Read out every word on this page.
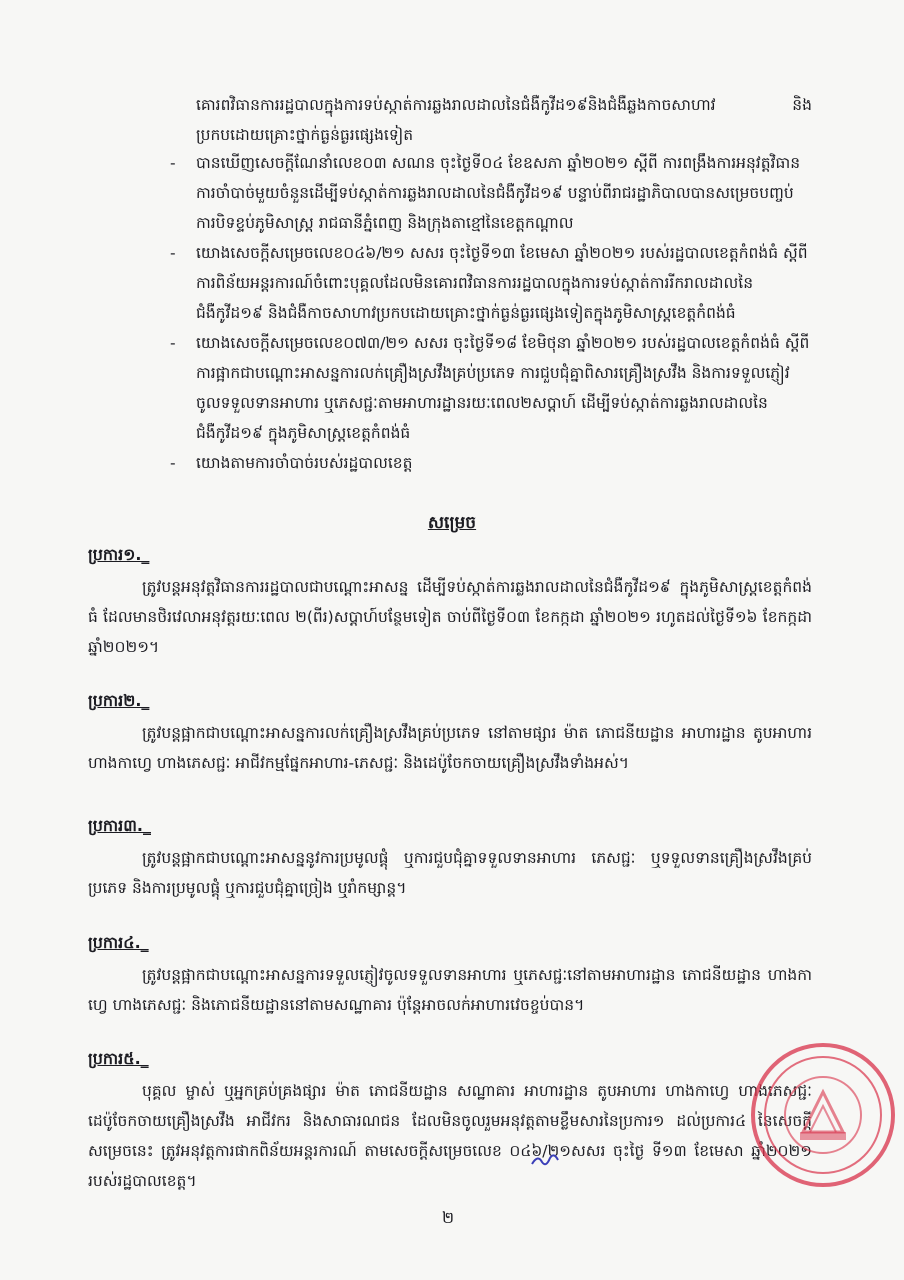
គោរពវិធានការរដ្ឋបាលក្នុងការទប់ស្កាត់ការឆ្លងរាលដាលនៃជំងឺកូវីដ១៩និងជំងឺឆ្លងកាចសាហាវ និង ប្រកបដោយគ្រោះថ្នាក់ធ្ងន់ធ្ងរផ្សេងទៀត
- បានឃើញសេចក្តីណែនាំលេខ០៣ សណន ចុះថ្ងៃទី០៤ ខែឧសភា ឆ្នាំ២០២១ ស្តីពី ការពង្រឹងការអនុវត្តវិធានការចាំបាច់មួយចំនួនដើម្បីទប់ស្កាត់ការឆ្លងរាលដាលនៃជំងឺកូវីដ១៩ បន្ទាប់ពីរាជរដ្ឋាភិបាលបានសម្រេចបញ្ចប់ការបិទខ្ទប់ភូមិសាស្ត្រ រាជធានីភ្នំពេញ និងក្រុងតាខ្មៅនៃខេត្តកណ្តាល
- យោងសេចក្តីសម្រេចលេខ០៤៦/២១ សសរ ចុះថ្ងៃទី១៣ ខែមេសា ឆ្នាំ២០២១ របស់រដ្ឋបាលខេត្តកំពង់ធំ ស្តីពីការពិន័យអន្តរការណ៍ចំពោះបុគ្គលដែលមិនគោរពវិធានការរដ្ឋបាលក្នុងការទប់ស្កាត់ការរីករាលដាលនៃជំងឺកូវីដ១៩ និងជំងឺកាចសាហាវប្រកបដោយគ្រោះថ្នាក់ធ្ងន់ធ្ងរផ្សេងទៀតក្នុងភូមិសាស្ត្រខេត្តកំពង់ធំ
- យោងសេចក្តីសម្រេចលេខ០៧៣/២១ សសរ ចុះថ្ងៃទី១៨ ខែមិថុនា ឆ្នាំ២០២១ របស់រដ្ឋបាលខេត្តកំពង់ធំ ស្តីពីការផ្អាកជាបណ្តោះអាសន្នការលក់គ្រឿងស្រវឹងគ្រប់ប្រភេទ ការជួបជុំគ្នាពិសារគ្រឿងស្រវឹង និងការទទួលភ្ញៀវចូលទទួលទានអាហារ ឬភេសជ្ជៈតាមអាហារដ្ឋានរយៈពេល២សប្តាហ៍ ដើម្បីទប់ស្កាត់ការឆ្លងរាលដាលនៃជំងឺកូវីដ១៩ ក្នុងភូមិសាស្ត្រខេត្តកំពង់ធំ
- យោងតាមការចាំបាច់របស់រដ្ឋបាលខេត្ត
សម្រេច
ប្រការ១._
ត្រូវបន្តអនុវត្តវិធានការរដ្ឋបាលជាបណ្តោះអាសន្ន ដើម្បីទប់ស្កាត់ការឆ្លងរាលដាលនៃជំងឺកូវីដ១៩ ក្នុងភូមិសាស្ត្រខេត្តកំពង់ធំ ដែលមានថិរវេលាអនុវត្តរយៈពេល ២(ពីរ)សប្តាហ៍បន្ថែមទៀត ចាប់ពីថ្ងៃទី០៣ ខែកក្កដា ឆ្នាំ២០២១ រហូតដល់ថ្ងៃទី១៦ ខែកក្កដា ឆ្នាំ២០២១។
ប្រការ២._
ត្រូវបន្តផ្អាកជាបណ្តោះអាសន្នការលក់គ្រឿងស្រវឹងគ្រប់ប្រភេទ នៅតាមផ្សារ ម៉ាត ភោជនីយដ្ឋាន អាហារដ្ឋាន តូបអាហារ ហាងកាហ្វេ ហាងភេសជ្ជៈ អាជីវកម្មផ្នែកអាហារ-ភេសជ្ជៈ និងដេប៉ូចែកចាយគ្រឿងស្រវឹងទាំងអស់។
ប្រការ៣._
ត្រូវបន្តផ្អាកជាបណ្តោះអាសន្ននូវការប្រមូលផ្តុំ ឬការជួបជុំគ្នាទទួលទានអាហារ ភេសជ្ជៈ ឬទទួលទានគ្រឿងស្រវឹងគ្រប់ប្រភេទ និងការប្រមូលផ្តុំ ឬការជួបជុំគ្នាច្រៀង ឬរាំកម្សាន្ត។
ប្រការ៤._
ត្រូវបន្តផ្អាកជាបណ្តោះអាសន្នការទទួលភ្ញៀវចូលទទួលទានអាហារ ឬភេសជ្ជៈនៅតាមអាហារដ្ឋាន ភោជនីយដ្ឋាន ហាងកាហ្វេ ហាងភេសជ្ជៈ និងភោជនីយដ្ឋាននៅតាមសណ្ឋាគារ ប៉ុន្តែអាចលក់អាហារវេចខ្ចប់បាន។
ប្រការ៥._
បុគ្គល ម្ចាស់ ឬអ្នកគ្រប់គ្រងផ្សារ ម៉ាត ភោជនីយដ្ឋាន សណ្ឋាគារ អាហារដ្ឋាន តូបអាហារ ហាងកាហ្វេ ហាងភេសជ្ជៈ ដេប៉ូចែកចាយគ្រឿងស្រវឹង អាជីវករ និងសាធារណជន ដែលមិនចូលរួមអនុវត្តតាមខ្លឹមសារនៃប្រការ១ ដល់ប្រការ៤ នៃសេចក្តីសម្រេចនេះ ត្រូវអនុវត្តការផាកពិន័យអន្តរការណ៍ តាមសេចក្តីសម្រេចលេខ ០៤៦/២១សសរ ចុះថ្ងៃ ទី១៣ ខែមេសា ឆ្នាំ២០២១ របស់រដ្ឋបាលខេត្ត។
២
